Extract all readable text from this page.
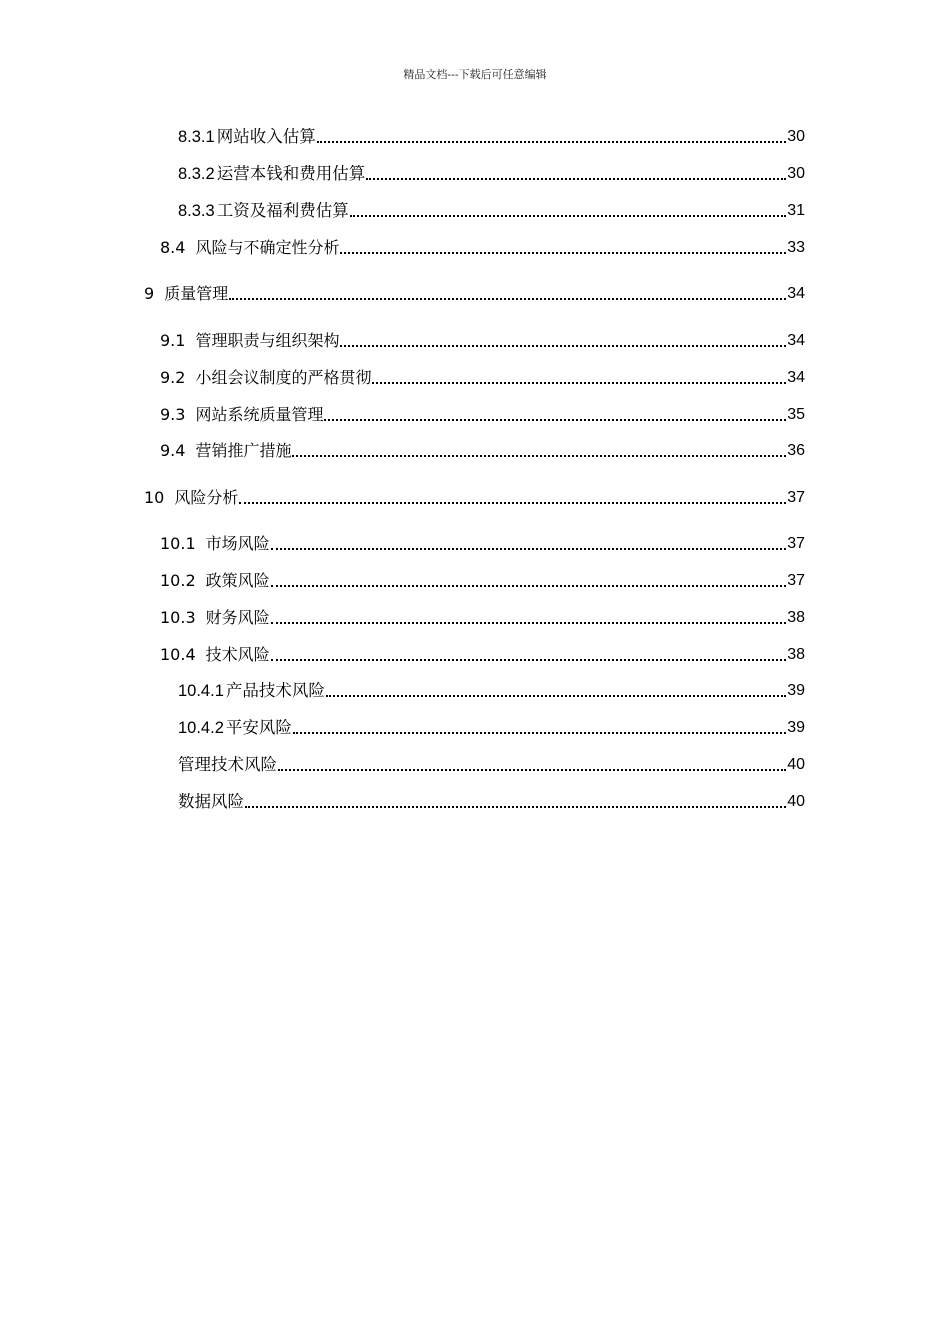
精品文档---下载后可任意编辑
8.3.1 网站收入估算	30
8.3.2 运营本钱和费用估算	30
8.3.3 工资及福利费估算	31
8.4 风险与不确定性分析	33
9 质量管理	34
9.1 管理职责与组织架构	34
9.2 小组会议制度的严格贯彻	34
9.3 网站系统质量管理	35
9.4 营销推广措施	36
10 风险分析	37
10.1 市场风险	37
10.2 政策风险	37
10.3 财务风险	38
10.4 技术风险	38
10.4.1 产品技术风险	39
10.4.2 平安风险	39
管理技术风险	40
数据风险	40
